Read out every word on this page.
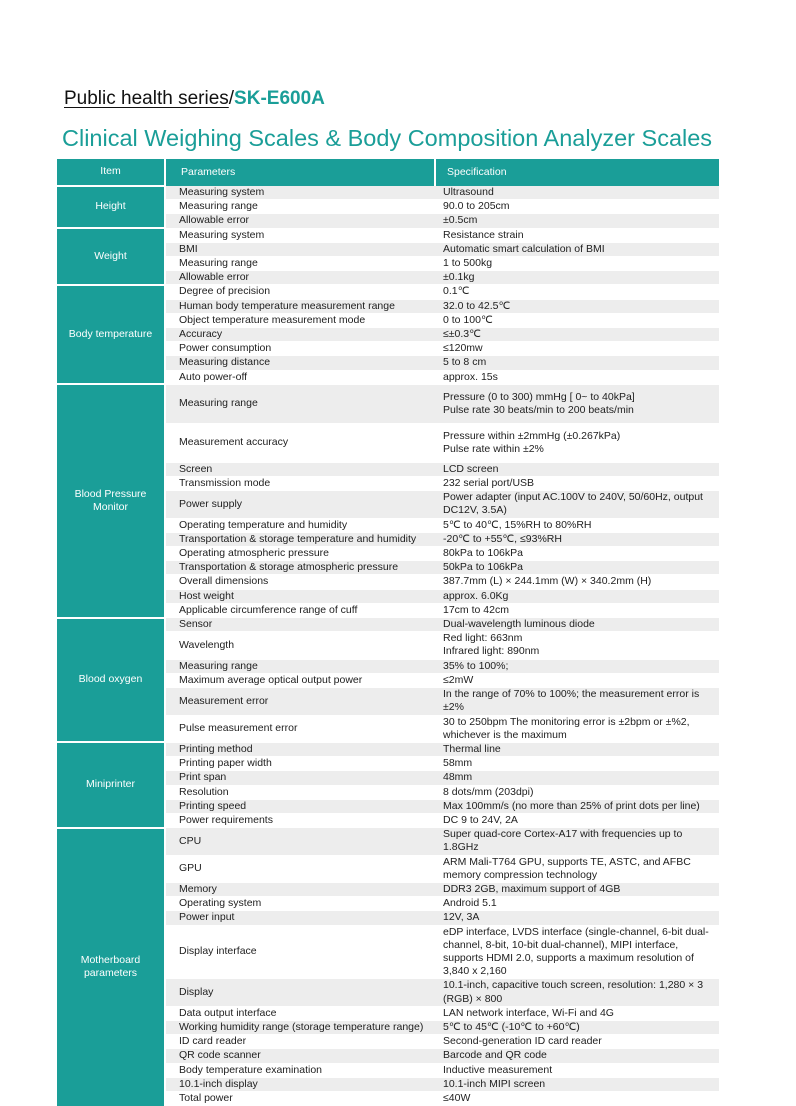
Public health series/SK-E600A
Clinical Weighing Scales & Body Composition Analyzer Scales
Item	Parameters	Specification
Height	Measuring system	Ultrasound
	Measuring range	90.0 to 205cm
	Allowable error	±0.5cm
Weight	Measuring system	Resistance strain
	BMI	Automatic smart calculation of BMI
	Measuring range	1 to 500kg
	Allowable error	±0.1kg
Body temperature	Degree of precision	0.1℃
	Human body temperature measurement range	32.0 to 42.5℃
	Object temperature measurement mode	0 to 100℃
	Accuracy	≤±0.3℃
	Power consumption	≤120mw
	Measuring distance	5 to 8 cm
	Auto power-off	approx. 15s
Blood Pressure Monitor	Measuring range	Pressure (0 to 300) mmHg [ 0~ to 40kPa]
Pulse rate 30 beats/min to 200 beats/min
	Measurement accuracy	Pressure within ±2mmHg (±0.267kPa)
Pulse rate within ±2%
	Screen	LCD screen
	Transmission mode	232 serial port/USB
	Power supply	Power adapter (input AC.100V to 240V, 50/60Hz, output DC12V, 3.5A)
	Operating temperature and humidity	5℃ to 40℃, 15%RH to 80%RH
	Transportation & storage temperature and humidity	-20℃ to +55℃, ≤93%RH
	Operating atmospheric pressure	80kPa to 106kPa
	Transportation & storage atmospheric pressure	50kPa to 106kPa
	Overall dimensions	387.7mm (L) × 244.1mm (W) × 340.2mm (H)
	Host weight	approx. 6.0Kg
	Applicable circumference range of cuff	17cm to 42cm
Blood oxygen	Sensor	Dual-wavelength luminous diode
	Wavelength	Red light: 663nm
Infrared light: 890nm
	Measuring range	35% to 100%;
	Maximum average optical output power	≤2mW
	Measurement error	In the range of 70% to 100%; the measurement error is ±2%
	Pulse measurement error	30 to 250bpm The monitoring error is ±2bpm or ±%2, whichever is the maximum
Miniprinter	Printing method	Thermal line
	Printing paper width	58mm
	Print span	48mm
	Resolution	8 dots/mm (203dpi)
	Printing speed	Max 100mm/s (no more than 25% of print dots per line)
	Power requirements	DC 9 to 24V, 2A
Motherboard parameters	CPU	Super quad-core Cortex-A17 with frequencies up to 1.8GHz
	GPU	ARM Mali-T764 GPU, supports TE, ASTC, and AFBC memory compression technology
	Memory	DDR3 2GB, maximum support of 4GB
	Operating system	Android 5.1
	Power input	12V, 3A
	Display interface	eDP interface, LVDS interface (single-channel, 6-bit dual-channel, 8-bit, 10-bit dual-channel), MIPI interface, supports HDMI 2.0, supports a maximum resolution of 3,840 x 2,160
	Display	10.1-inch, capacitive touch screen, resolution: 1,280 × 3 (RGB) × 800
	Data output interface	LAN network interface, Wi-Fi and 4G
	Working humidity range (storage temperature range)	5℃ to 45℃ (-10℃ to +60℃)
	ID card reader	Second-generation ID card reader
	QR code scanner	Barcode and QR code
	Body temperature examination	Inductive measurement
	10.1-inch display	10.1-inch MIPI screen
	Total power	≤40W
